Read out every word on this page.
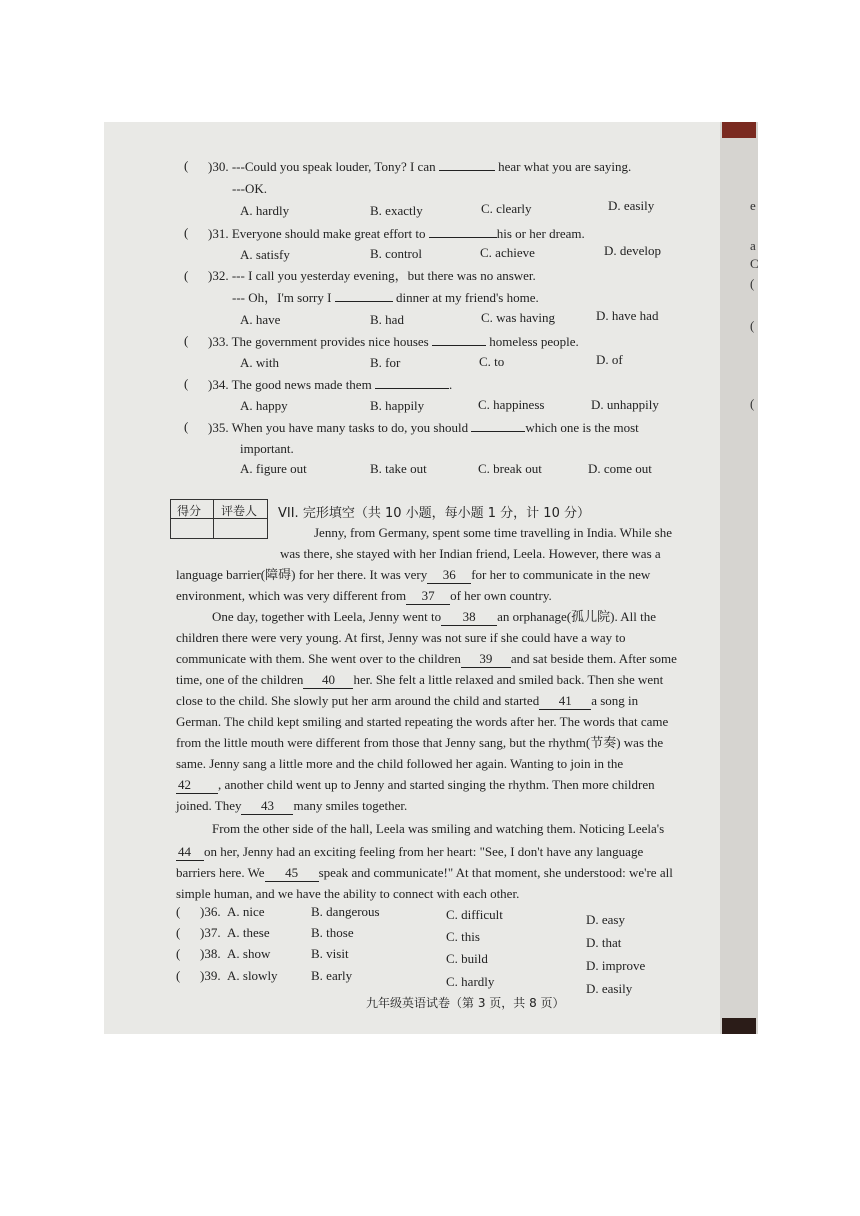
e
a
C
(
(
(
( )30. ---Could you speak louder, Tony? I can	hear what you are saying.
---OK.
A. hardly	B. exactly	C. clearly	D. easily
( )31. Everyone should make great effort to	his or her dream.
A. satisfy	B. control	C. achieve	D. develop
( )32. --- I call you yesterday evening，but there was no answer.
--- Oh，I'm sorry I	dinner at my friend's home.
A. have	B. had	C. was having	D. have had
( )33. The government provides nice houses	homeless people.
A. with	B. for	C. to	D. of
( )34. The good news made them	.
A. happy	B. happily	C. happiness	D. unhappily
( )35. When you have many tasks to do, you should	which one is the most
important.
A. figure out	B. take out	C. break out	D. come out
得分 评卷人 VII. 完形填空（共 10 小题，每小题 1 分，计 10 分）
Jenny, from Germany, spent some time travelling in India. While she
was there, she stayed with her Indian friend, Leela. However, there was a
language barrier(障碍) for her there. It was very 36 for her to communicate in the new
environment, which was very different from 37 of her own country.
One day, together with Leela, Jenny went to 38 an orphanage(孤儿院). All the
children there were very young. At first, Jenny was not sure if she could have a way to
communicate with them. She went over to the children 39 and sat beside them. After some
time, one of the children 40 her. She felt a little relaxed and smiled back. Then she went
close to the child. She slowly put her arm around the child and started 41 a song in
German. The child kept smiling and started repeating the words after her. The words that came
from the little mouth were different from those that Jenny sang, but the rhythm(节奏) was the
same. Jenny sang a little more and the child followed her again. Wanting to join in the
42 , another child went up to Jenny and started singing the rhythm. Then more children
joined. They 43 many smiles together.
From the other side of the hall, Leela was smiling and watching them. Noticing Leela's
44 on her, Jenny had an exciting feeling from her heart: "See, I don't have any language
barriers here. We 45 speak and communicate!" At that moment, she understood: we're all
simple human, and we have the ability to connect with each other.
( )36. A. nice	B. dangerous	C. difficult	D. easy
( )37. A. these	B. those	C. this	D. that
( )38. A. show	B. visit	C. build	D. improve
( )39. A. slowly	B. early	C. hardly	D. easily
九年级英语试卷（第 3 页，共 8 页）
